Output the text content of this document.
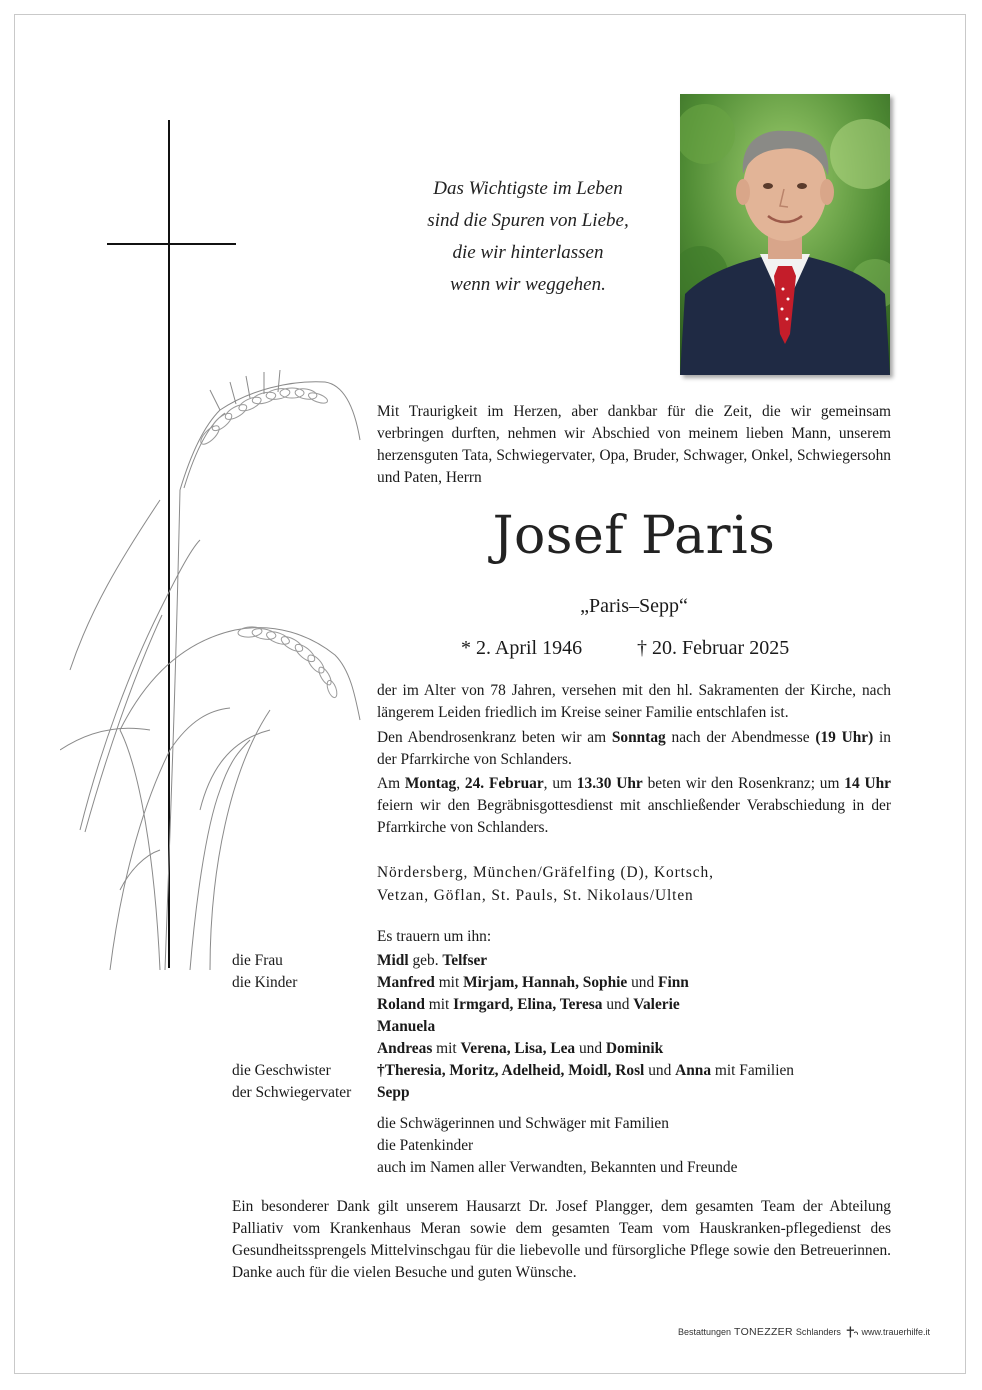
Das Wichtigste im Leben
sind die Spuren von Liebe,
die wir hinterlassen
wenn wir weggehen.
Mit Traurigkeit im Herzen, aber dankbar für die Zeit, die wir gemeinsam verbringen durften, nehmen wir Abschied von meinem lieben Mann, unserem herzensguten Tata, Schwiegervater, Opa, Bruder, Schwager, Onkel, Schwiegersohn und Paten, Herrn
Josef Paris
„Paris–Sepp“
* 2. April 1946	† 20. Februar 2025
der im Alter von 78 Jahren, versehen mit den hl. Sakramenten der Kirche, nach längerem Leiden friedlich im Kreise seiner Familie entschlafen ist.
Den Abendrosenkranz beten wir am Sonntag nach der Abendmesse (19 Uhr) in der Pfarrkirche von Schlanders.
Am Montag, 24. Februar, um 13.30 Uhr beten wir den Rosenkranz; um 14 Uhr feiern wir den Begräbnisgottesdienst mit anschließender Verabschiedung in der Pfarrkirche von Schlanders.
Nördersberg, München/Gräfelfing (D), Kortsch,
Vetzan, Göflan, St. Pauls, St. Nikolaus/Ulten
Es trauern um ihn:
die Frau	Midl geb. Telfser
die Kinder	Manfred mit Mirjam, Hannah, Sophie und Finn
Roland mit Irmgard, Elina, Teresa und Valerie
Manuela
Andreas mit Verena, Lisa, Lea und Dominik
die Geschwister	†Theresia, Moritz, Adelheid, Moidl, Rosl und Anna mit Familien
der Schwiegervater Sepp
die Schwägerinnen und Schwäger mit Familien
die Patenkinder
auch im Namen aller Verwandten, Bekannten und Freunde
Ein besonderer Dank gilt unserem Hausarzt Dr. Josef Plangger, dem gesamten Team der Abteilung Palliativ vom Krankenhaus Meran sowie dem gesamten Team vom Hauskranken-pflegedienst des Gesundheitssprengels Mittelvinschgau für die liebevolle und fürsorgliche Pflege sowie den Betreuerinnen. Danke auch für die vielen Besuche und guten Wünsche.
Bestattungen TONEZZER Schlanders www.trauerhilfe.it
